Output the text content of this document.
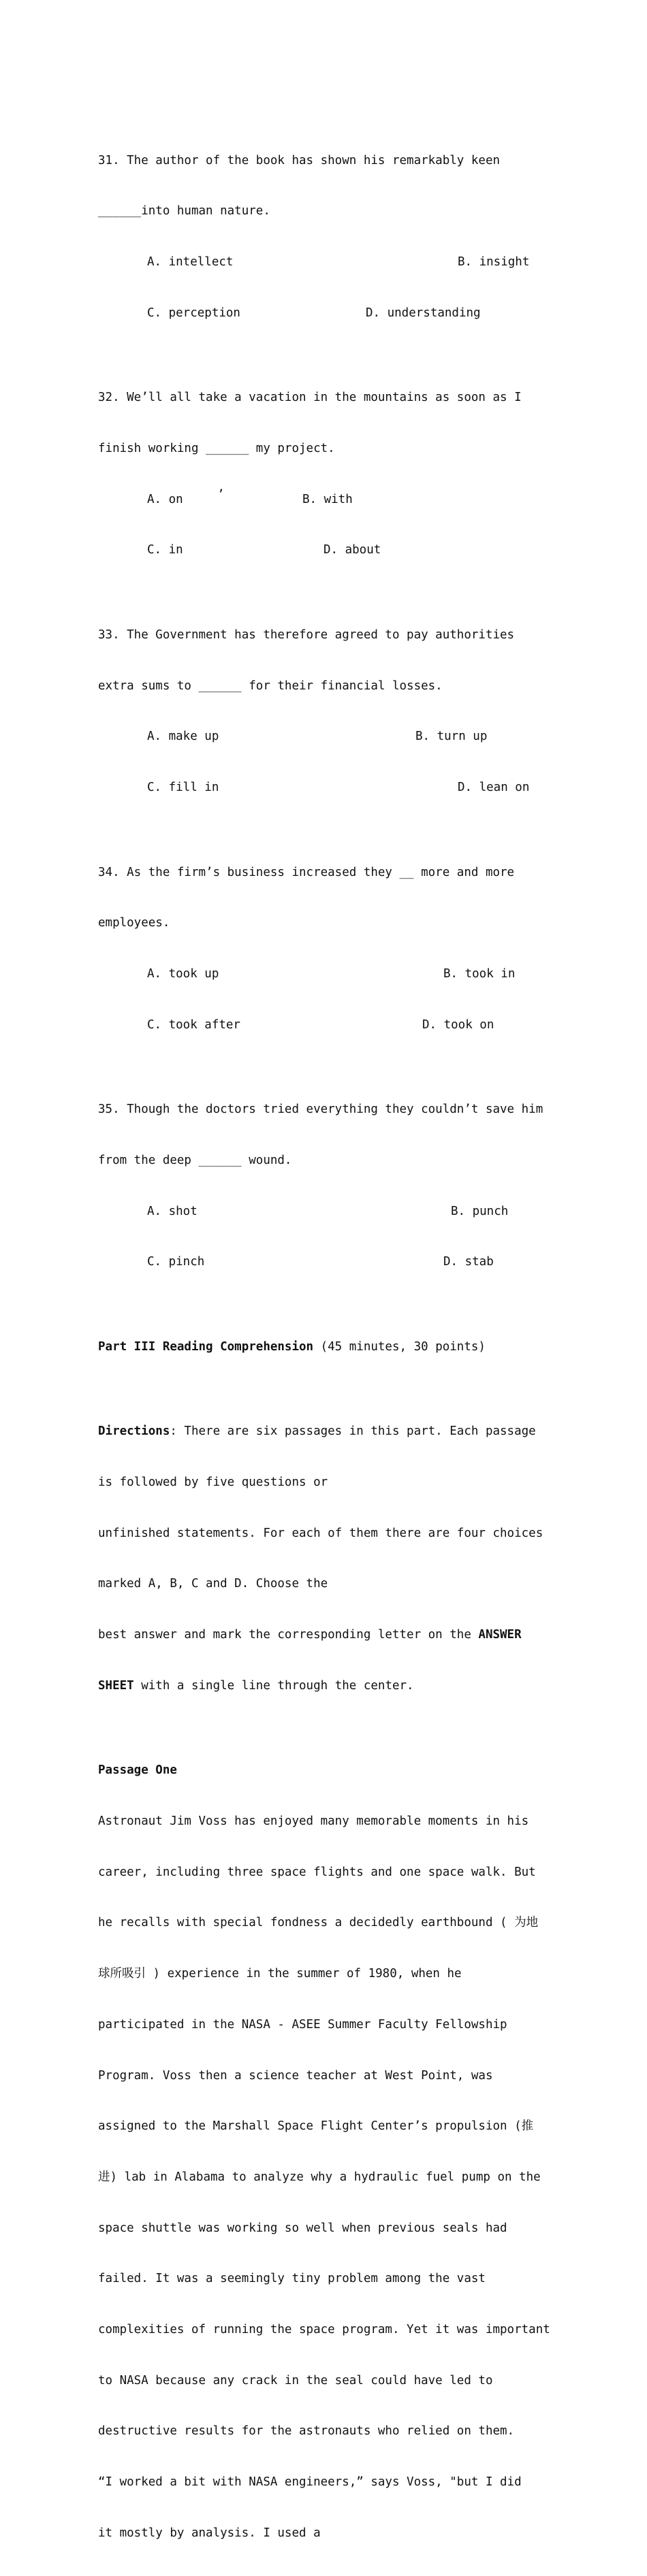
31. The author of the book has shown his remarkably keen

______into human nature.

A. intellect

	B. insight

C. perception

	D. understanding

32. We’ll all take a vacation in the mountains as soon as I

finish working ______ my project.

A. on

	’

	B. with

C. in

	D. about

33. The Government has therefore agreed to pay authorities

extra sums to ______ for their financial losses.

A. make up

	B. turn up

C. fill in

	D. lean on

34. As the firm’s business increased they __ more and more

employees.

A. took up

	B. took in

C. took after

	D. took on

35. Though the doctors tried everything they couldn’t save him

from the deep ______ wound.

A. shot

	B. punch

C. pinch

	D. stab

Part III Reading Comprehension (45 minutes, 30 points)

Directions: There are six passages in this part. Each passage

is followed by five questions or

unfinished statements. For each of them there are four choices

marked A, B, C and D. Choose the

best answer and mark the corresponding letter on the ANSWER

SHEET with a single line through the center.

Passage One

Astronaut Jim Voss has enjoyed many memorable moments in his

career, including three space flights and one space walk. But

he recalls with special fondness a decidedly earthbound ( 为地

球所吸引 ) experience in the summer of 1980, when he

participated in the NASA - ASEE Summer Faculty Fellowship

Program. Voss then a science teacher at West Point, was

assigned to the Marshall Space Flight Center’s propulsion (推

进) lab in Alabama to analyze why a hydraulic fuel pump on the

space shuttle was working so well when previous seals had

failed. It was a seemingly tiny problem among the vast

complexities of running the space program. Yet it was important

to NASA because any crack in the seal could have led to

destructive results for the astronauts who relied on them.

“I worked a bit with NASA engineers,” says Voss, "but I did

it mostly by analysis. I used a
